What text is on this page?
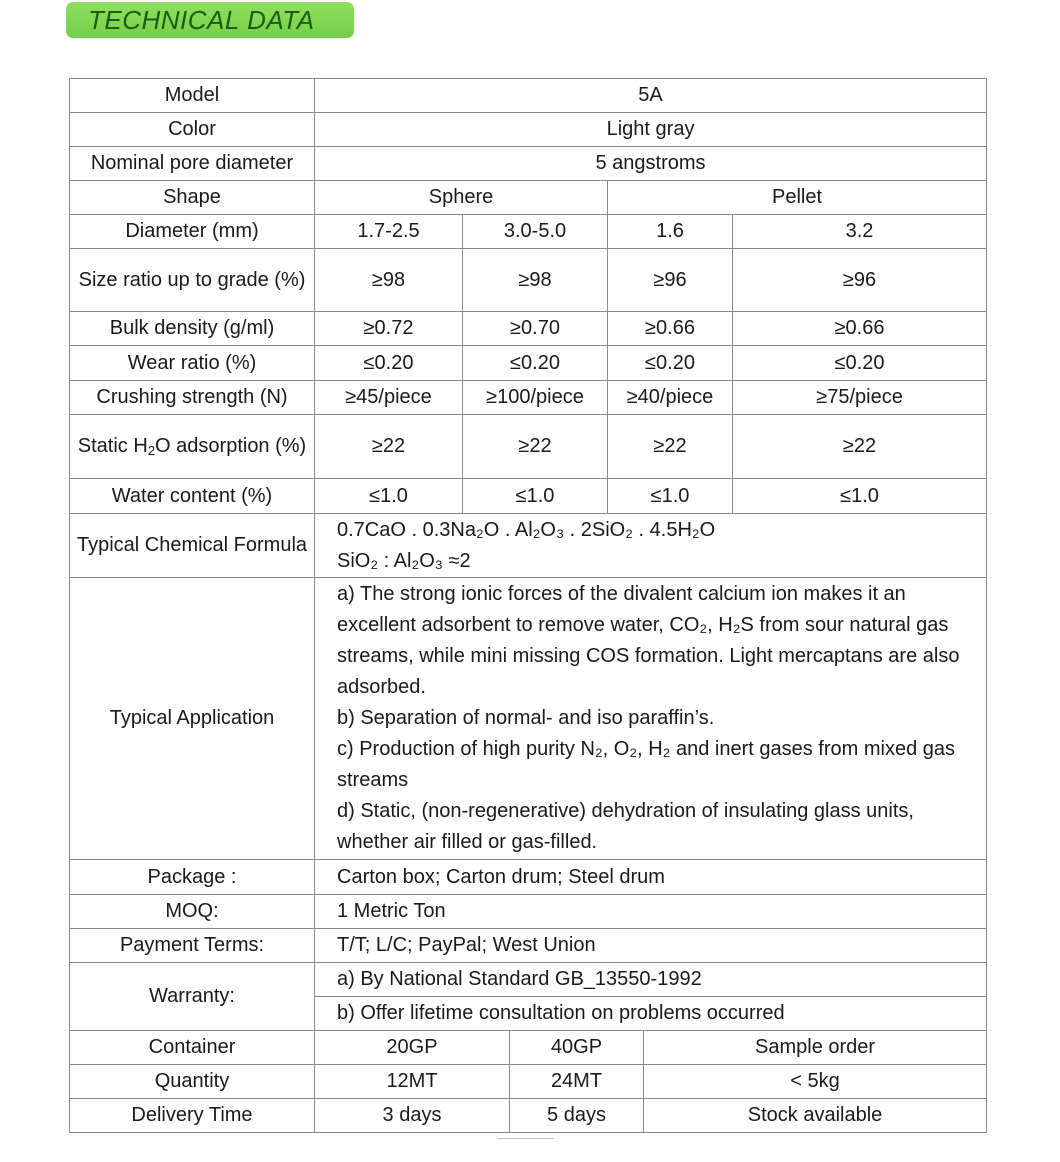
TECHNICAL DATA
Model	5A					
Color	Light gray					
Nominal pore diameter	5 angstroms					
Shape	Sphere			Pellet		
Diameter (mm)	1.7-2.5	3.0-5.0		1.6		3.2
Size ratio up to grade (%)	≥98	≥98		≥96		≥96
Bulk density (g/ml)	≥0.72	≥0.70		≥0.66		≥0.66
Wear ratio (%)	≤0.20	≤0.20		≤0.20		≤0.20
Crushing strength (N)	≥45/piece	≥100/piece		≥40/piece		≥75/piece
Static $H_2O$ adsorption (%)	≥22	≥22		≥22		≥22
Water content (%)	≤1.0	≤1.0		≤1.0		≤1.0
Typical Chemical Formula	0.7CaO . 0.3Na₂O . Al₂O₃ . 2SiO₂ . 4.5H₂O
SiO₂ : Al₂O₃ ≈2					

Typical Application	a) The strong ionic forces of the divalent calcium ion makes it an excellent adsorbent to remove water, CO₂, H₂S from sour natural gas streams, while mini missing COS formation. Light mercaptans are also adsorbed.
b) Separation of normal- and iso paraffin’s.
c) Production of high purity N₂, O₂, H₂ and inert gases from mixed gas streams
d) Static, (non-regenerative) dehydration of insulating glass units, whether air filled or gas-filled.					

Package :	Carton box; Carton drum; Steel drum					
MOQ:	1 Metric Ton					
Payment Terms:	T/T; L/C; PayPal; West Union					
Warranty:	a) By National Standard GB_13550-1992					
	b) Offer lifetime consultation on problems occurred					
Container	20GP		40GP		Sample order	
Quantity	12MT		24MT		< 5kg	
Delivery Time	3 days		5 days		Stock available	
